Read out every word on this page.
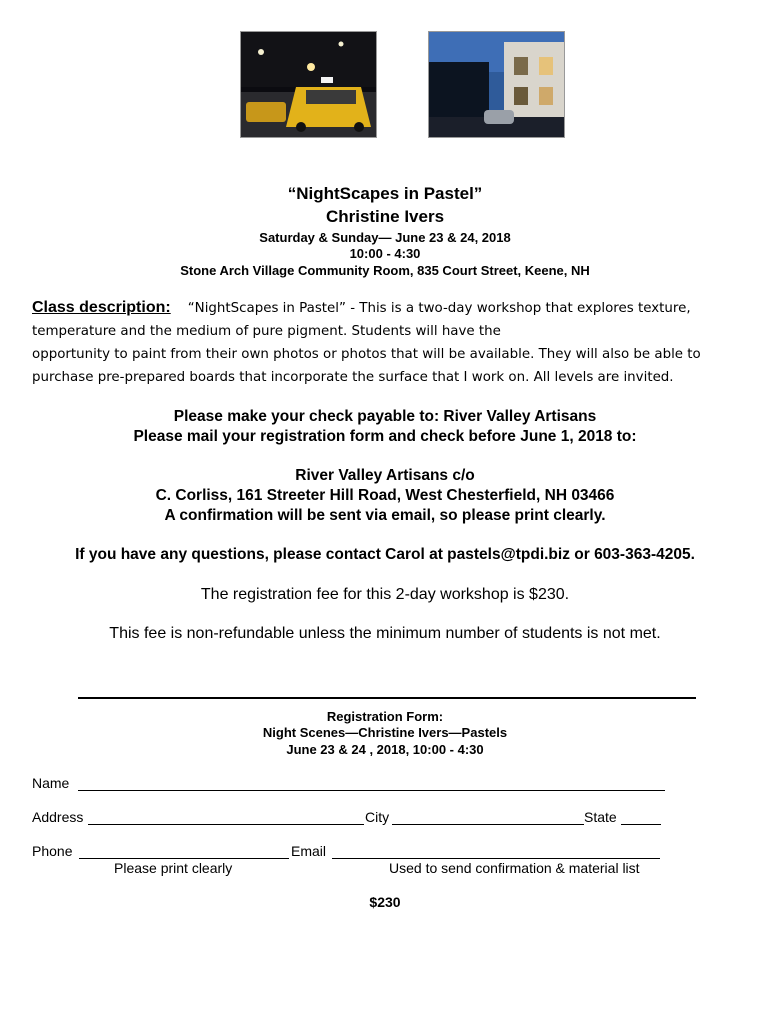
“NightScapes in Pastel”
Christine Ivers
Saturday & Sunday— June 23 & 24, 2018
10:00 - 4:30
Stone Arch Village Community Room, 835 Court Street, Keene, NH
Class description: “NightScapes in Pastel” - This is a two-day workshop that explores texture, temperature and the medium of pure pigment. Students will have the
opportunity to paint from their own photos or photos that will be available. They will also be able to purchase pre-prepared boards that incorporate the surface that I work on. All levels are invited.
Please make your check payable to: River Valley Artisans
Please mail your registration form and check before June 1, 2018 to:
River Valley Artisans c/o
C. Corliss, 161 Streeter Hill Road, West Chesterfield, NH 03466
A confirmation will be sent via email, so please print clearly.
If you have any questions, please contact Carol at pastels@tpdi.biz or 603-363-4205.
The registration fee for this 2-day workshop is $230.
This fee is non-refundable unless the minimum number of students is not met.
Registration Form:
Night Scenes—Christine Ivers—Pastels
June 23 & 24 , 2018, 10:00 - 4:30
Name
Address	City	State
Phone	Email
Please print clearly	Used to send confirmation & material list
$230
